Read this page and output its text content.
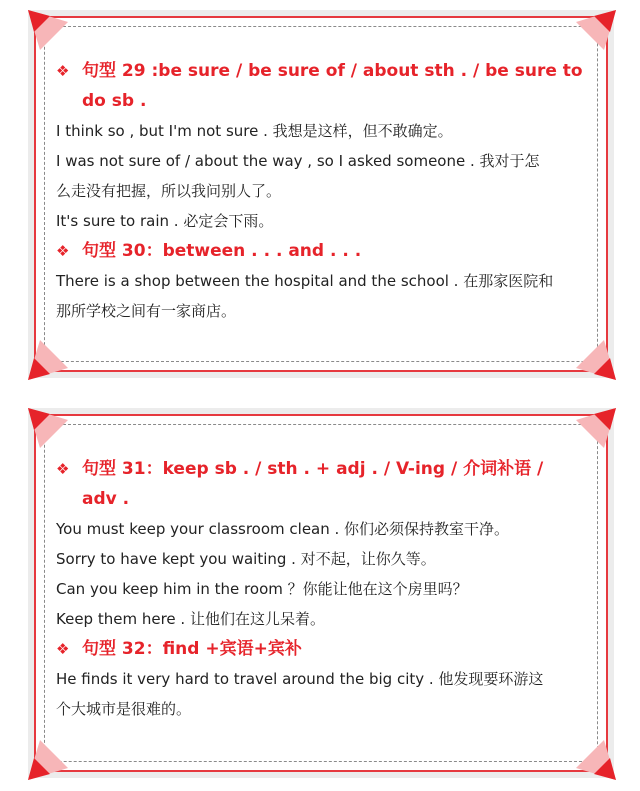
❖ 句型 29 :be sure / be sure of / about sth . / be sure to
do sb .
I think so , but I'm not sure . 我想是这样，但不敢确定。
I was not sure of / about the way , so I asked someone . 我对于怎
么走没有把握，所以我问别人了。
It's sure to rain . 必定会下雨。
❖ 句型 30：between . . . and . . .
There is a shop between the hospital and the school . 在那家医院和
那所学校之间有一家商店。
❖ 句型 31：keep sb . / sth . + adj . / V-ing / 介词补语 /
adv .
You must keep your classroom clean . 你们必须保持教室干净。
Sorry to have kept you waiting . 对不起，让你久等。
Can you keep him in the room ？你能让他在这个房里吗？
Keep them here . 让他们在这儿呆着。
❖ 句型 32：find +宾语+宾补
He finds it very hard to travel around the big city . 他发现要环游这
个大城市是很难的。
